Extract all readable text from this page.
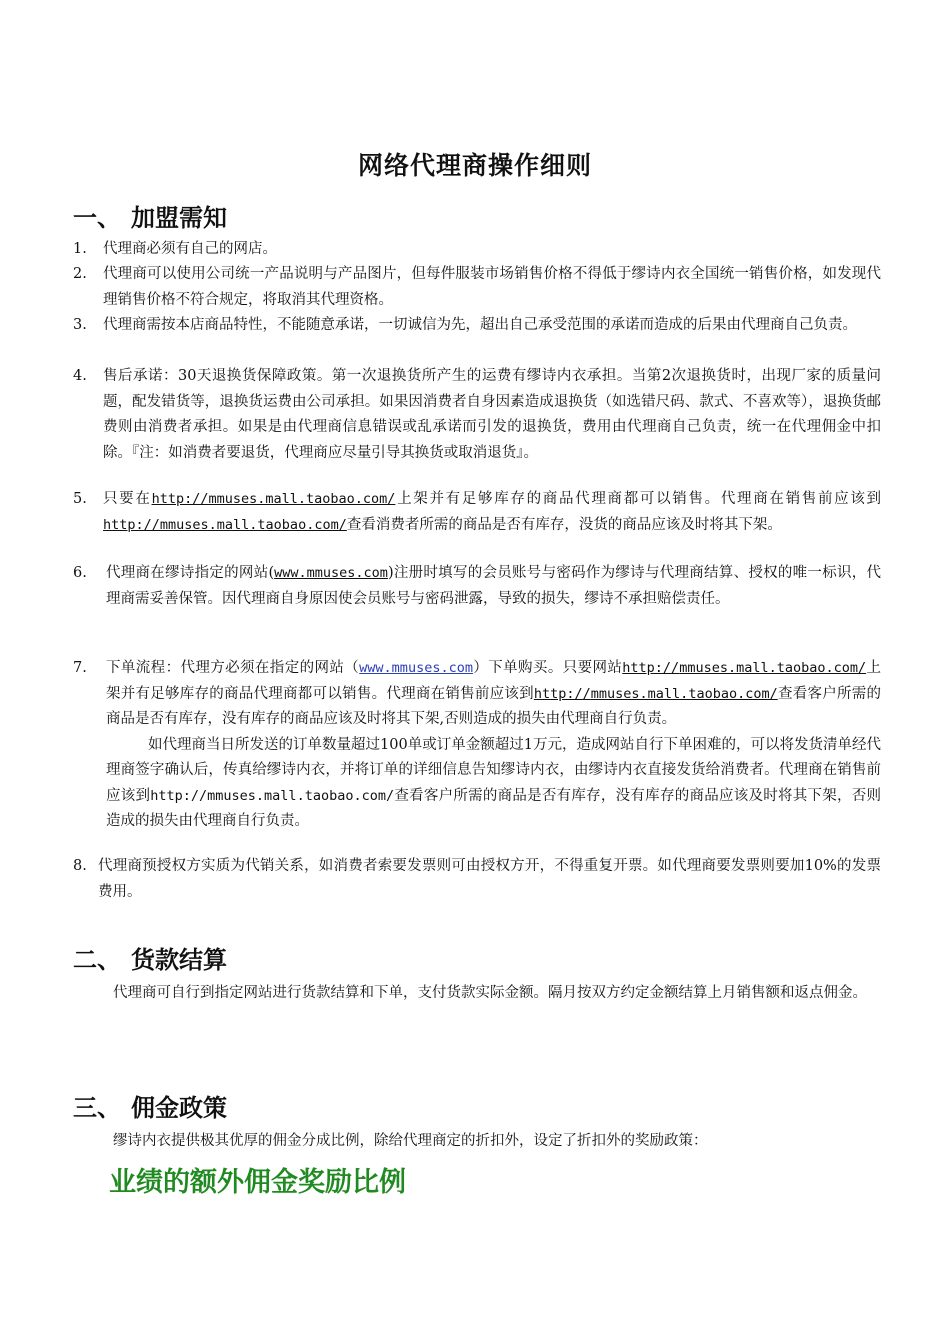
网络代理商操作细则
一、 加盟需知
1.	代理商必须有自己的网店。
2.	代理商可以使用公司统一产品说明与产品图片，但每件服装市场销售价格不得低于缪诗内衣全国统一销售价格，如发现代理销售价格不符合规定，将取消其代理资格。
3.	代理商需按本店商品特性，不能随意承诺，一切诚信为先，超出自己承受范围的承诺而造成的后果由代理商自己负责。
4.	售后承诺：30天退换货保障政策。第一次退换货所产生的运费有缪诗内衣承担。当第2次退换货时，出现厂家的质量问题，配发错货等，退换货运费由公司承担。如果因消费者自身因素造成退换货（如选错尺码、款式、不喜欢等），退换货邮费则由消费者承担。如果是由代理商信息错误或乱承诺而引发的退换货，费用由代理商自己负责，统一在代理佣金中扣除。『注：如消费者要退货，代理商应尽量引导其换货或取消退货』。
5.	只要在http://mmuses.mall.taobao.com/上架并有足够库存的商品代理商都可以销售。代理商在销售前应该到http://mmuses.mall.taobao.com/查看消费者所需的商品是否有库存，没货的商品应该及时将其下架。
6.	代理商在缪诗指定的网站(www.mmuses.com)注册时填写的会员账号与密码作为缪诗与代理商结算、授权的唯一标识，代理商需妥善保管。因代理商自身原因使会员账号与密码泄露，导致的损失，缪诗不承担赔偿责任。
7.	下单流程：代理方必须在指定的网站（www.mmuses.com）下单购买。只要网站http://mmuses.mall.taobao.com/上架并有足够库存的商品代理商都可以销售。代理商在销售前应该到http://mmuses.mall.taobao.com/查看客户所需的商品是否有库存，没有库存的商品应该及时将其下架,否则造成的损失由代理商自行负责。
如代理商当日所发送的订单数量超过100单或订单金额超过1万元，造成网站自行下单困难的，可以将发货清单经代理商签字确认后，传真给缪诗内衣，并将订单的详细信息告知缪诗内衣，由缪诗内衣直接发货给消费者。代理商在销售前应该到http://mmuses.mall.taobao.com/查看客户所需的商品是否有库存，没有库存的商品应该及时将其下架，否则造成的损失由代理商自行负责。
8. 代理商预授权方实质为代销关系，如消费者索要发票则可由授权方开，不得重复开票。如代理商要发票则要加10%的发票费用。
二、 货款结算
代理商可自行到指定网站进行货款结算和下单，支付货款实际金额。隔月按双方约定金额结算上月销售额和返点佣金。
三、 佣金政策
缪诗内衣提供极其优厚的佣金分成比例，除给代理商定的折扣外，设定了折扣外的奖励政策：
业绩的额外佣金奖励比例
